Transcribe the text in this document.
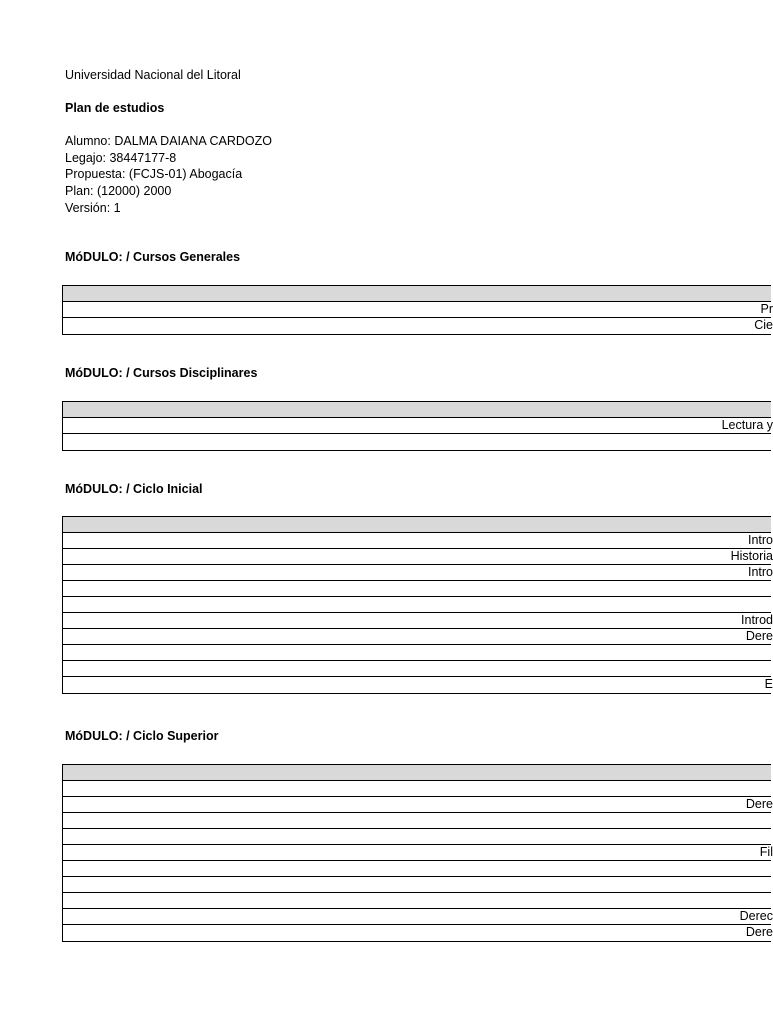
Universidad Nacional del Litoral
Plan de estudios
Alumno: DALMA DAIANA CARDOZO
Legajo: 38447177-8
Propuesta: (FCJS-01) Abogacía
Plan: (12000) 2000
Versión: 1
MóDULO: / Cursos Generales
Pr
Cie
MóDULO: / Cursos Disciplinares
Lectura y
MóDULO: / Ciclo Inicial
Intro
Historia
Intro
Introd
Dere
E
MóDULO: / Ciclo Superior
Dere
Fil
Derec
Dere
